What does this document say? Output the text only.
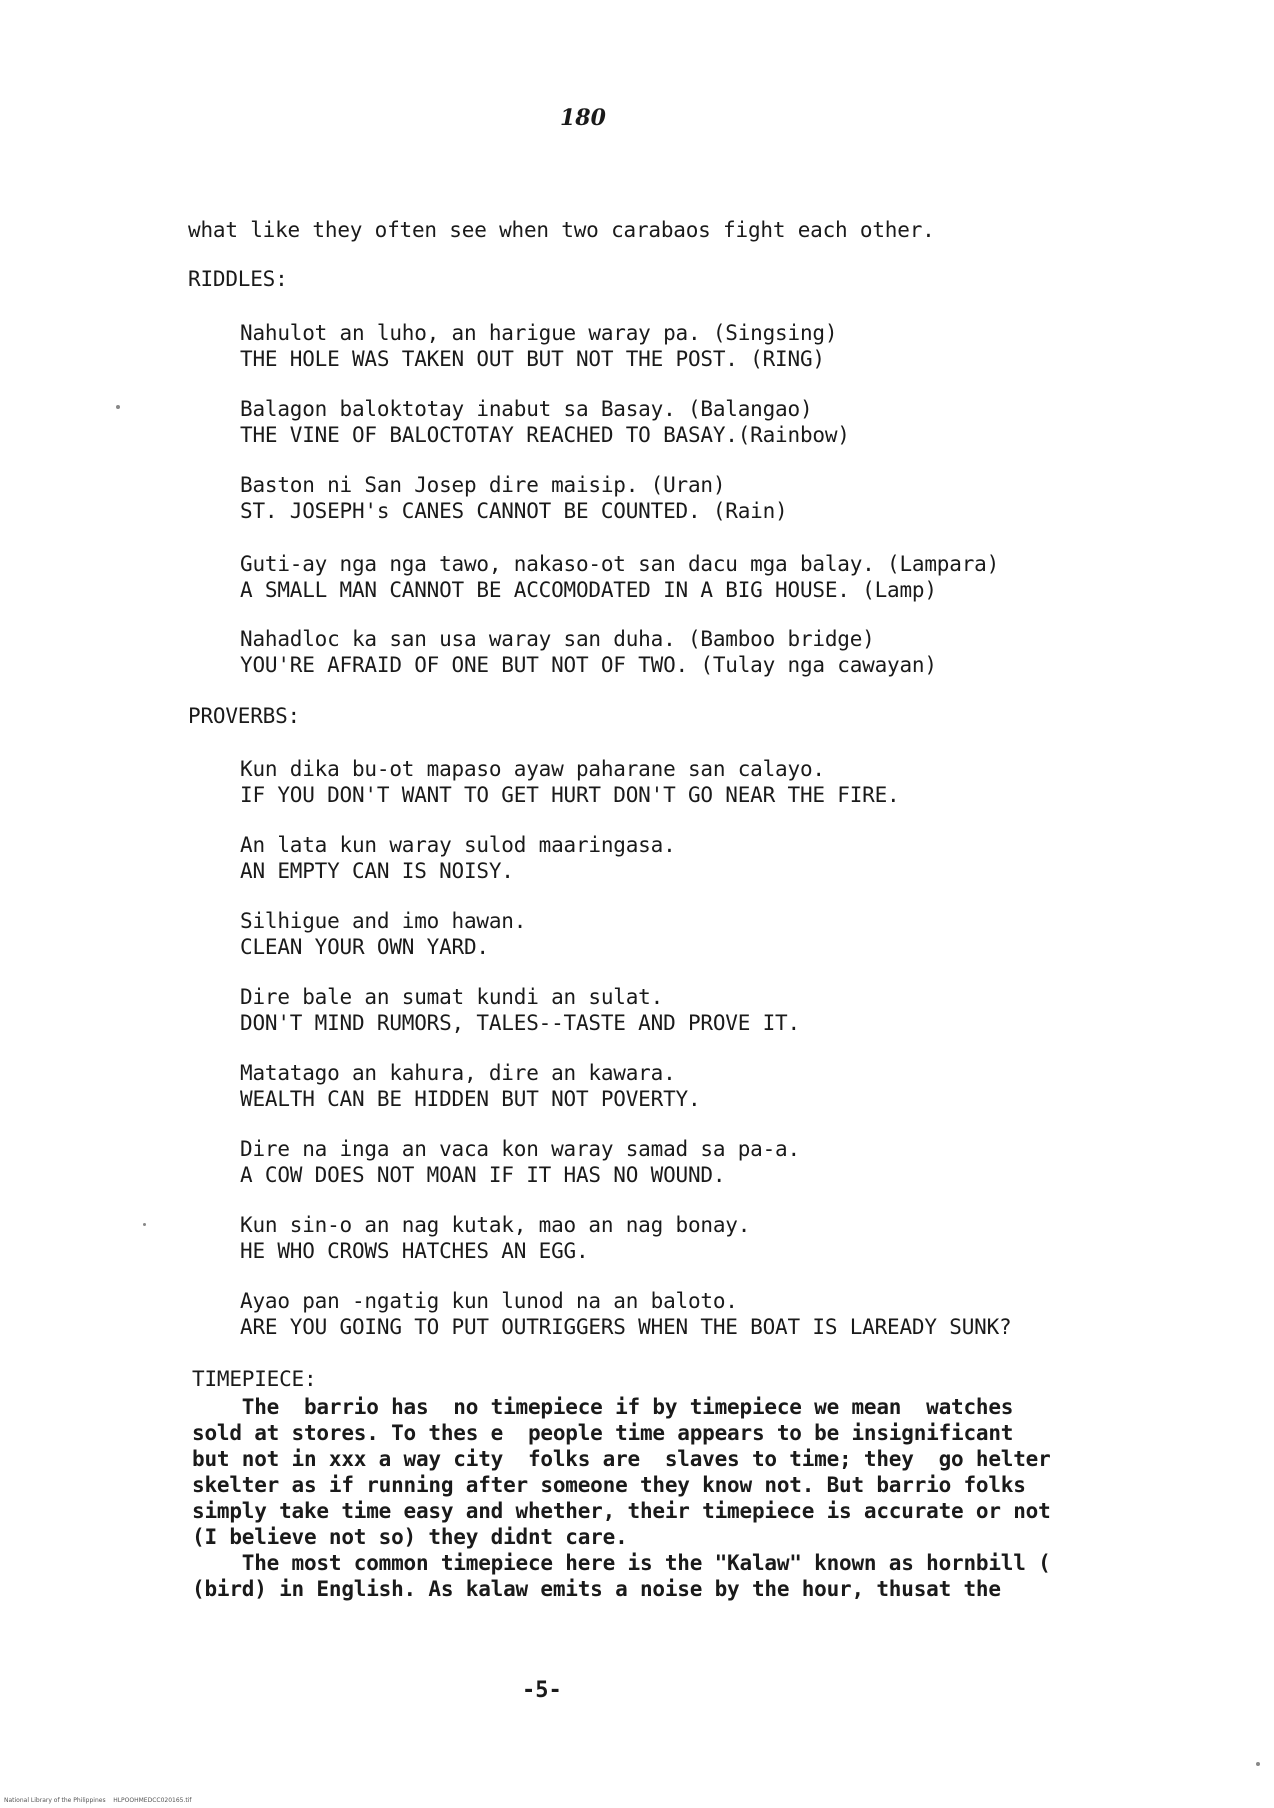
180
what like they often see when two carabaos fight each other.
RIDDLES:
Nahulot an luho, an harigue waray pa. (Singsing)
THE HOLE WAS TAKEN OUT BUT NOT THE POST. (RING)
Balagon baloktotay inabut sa Basay. (Balangao)
THE VINE OF BALOCTOTAY REACHED TO BASAY.(Rainbow)
Baston ni San Josep dire maisip. (Uran)
ST. JOSEPH's CANES CANNOT BE COUNTED. (Rain)
Guti-ay nga nga tawo, nakaso-ot san dacu mga balay. (Lampara)
A SMALL MAN CANNOT BE ACCOMODATED IN A BIG HOUSE. (Lamp)
Nahadloc ka san usa waray san duha. (Bamboo bridge)
YOU'RE AFRAID OF ONE BUT NOT OF TWO. (Tulay nga cawayan)
PROVERBS:
Kun dika bu-ot mapaso ayaw paharane san calayo.
IF YOU DON'T WANT TO GET HURT DON'T GO NEAR THE FIRE.
An lata kun waray sulod maaringasa.
AN EMPTY CAN IS NOISY.
Silhigue and imo hawan.
CLEAN YOUR OWN YARD.
Dire bale an sumat kundi an sulat.
DON'T MIND RUMORS, TALES--TASTE AND PROVE IT.
Matatago an kahura, dire an kawara.
WEALTH CAN BE HIDDEN BUT NOT POVERTY.
Dire na inga an vaca kon waray samad sa pa-a.
A COW DOES NOT MOAN IF IT HAS NO WOUND.
Kun sin-o an nag kutak, mao an nag bonay.
HE WHO CROWS HATCHES AN EGG.
Ayao pan -ngatig kun lunod na an baloto.
ARE YOU GOING TO PUT OUTRIGGERS WHEN THE BOAT IS LAREADY SUNK?
TIMEPIECE:
The  barrio has  no timepiece if by timepiece we mean  watches
sold at stores. To thes e  people time appears to be insignificant
but not in xxx a way city  folks are  slaves to time; they  go helter
skelter as if running after someone they know not. But barrio folks
simply take time easy and whether, their timepiece is accurate or not
(I believe not so) they didnt care.
The most common timepiece here is the "Kalaw" known as hornbill (
(bird) in English. As kalaw emits a noise by the hour, thusat the
-5-
National Library of the Philippines    HLPOOHMEDCC020165.tif
